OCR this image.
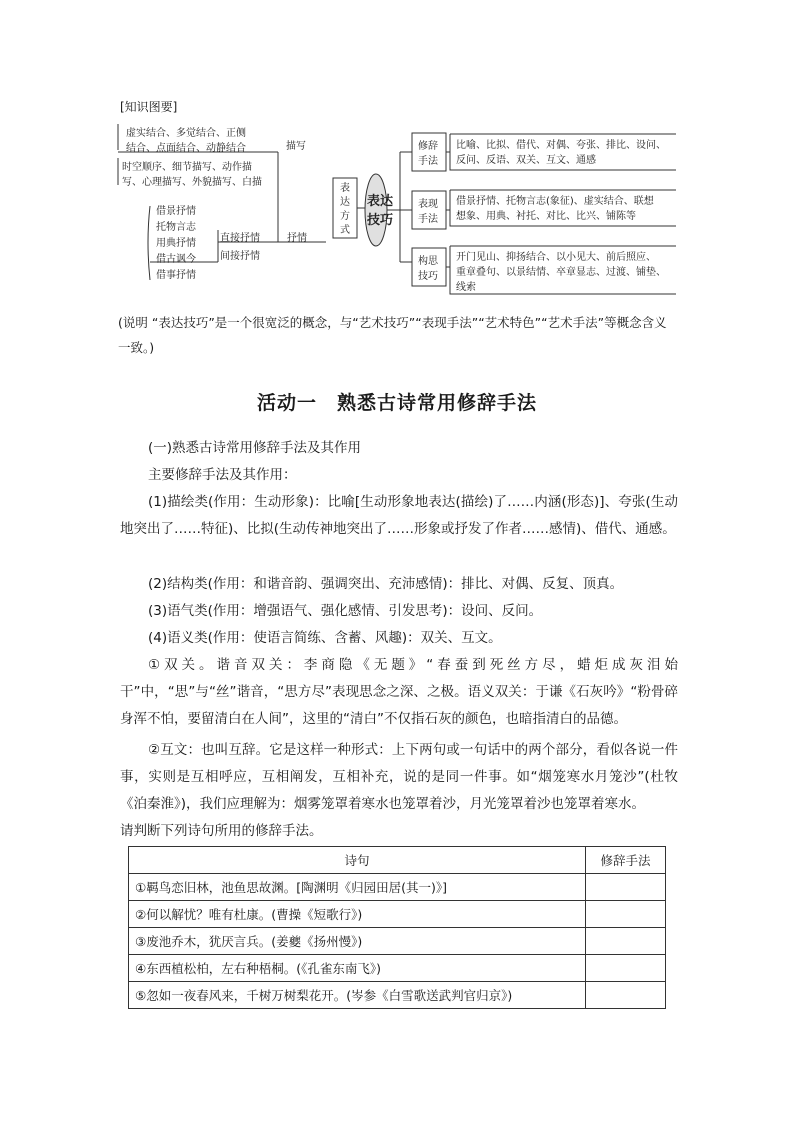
[知识图要]
虚实结合、多觉结合、正侧
结合、点面结合、动静结合
时空顺序、细节描写、动作描
写、心理描写、外貌描写、白描
描写
借景抒情
托物言志
用典抒情
借古讽今
借事抒情
直接抒情
间接抒情
抒情
表
达
方
式
表达
技巧
修辞
手法
表现
手法
构思
技巧
比喻、比拟、借代、对偶、夸张、排比、设问、
反问、反语、双关、互文、通感
借景抒情、托物言志(象征)、虚实结合、联想
想象、用典、衬托、对比、比兴、铺陈等
开门见山、抑扬结合、以小见大、前后照应、
重章叠句、以景结情、卒章显志、过渡、铺垫、
线索
(说明 “表达技巧”是一个很宽泛的概念，与“艺术技巧”“表现手法”“艺术特色”“艺术手法”等概念含义一致。)
活动一　熟悉古诗常用修辞手法
(一)熟悉古诗常用修辞手法及其作用
主要修辞手法及其作用：
(1)描绘类(作用：生动形象)：比喻[生动形象地表达(描绘)了……内涵(形态)]、夸张(生动地突出了……特征)、比拟(生动传神地突出了……形象或抒发了作者……感情)、借代、通感。
(2)结构类(作用：和谐音韵、强调突出、充沛感情)：排比、对偶、反复、顶真。
(3)语气类(作用：增强语气、强化感情、引发思考)：设问、反问。
(4)语义类(作用：使语言简练、含蓄、风趣)：双关、互文。
①双关。谐音双关：李商隐《无题》“春蚕到死丝方尽，蜡炬成灰泪始干”中，“思”与“丝”谐音，“思方尽”表现思念之深、之极。语义双关：于谦《石灰吟》“粉骨碎身浑不怕，要留清白在人间”，这里的“清白”不仅指石灰的颜色，也暗指清白的品德。
②互文：也叫互辞。它是这样一种形式：上下两句或一句话中的两个部分，看似各说一件事，实则是互相呼应，互相阐发，互相补充，说的是同一件事。如“烟笼寒水月笼沙”(杜牧《泊秦淮》)，我们应理解为：烟雾笼罩着寒水也笼罩着沙，月光笼罩着沙也笼罩着寒水。
请判断下列诗句所用的修辞手法。
诗句	修辞手法
①羁鸟恋旧林，池鱼思故渊。[陶渊明《归园田居(其一)》]	
②何以解忧？唯有杜康。(曹操《短歌行》)	
③废池乔木，犹厌言兵。(姜夔《扬州慢》)	
④东西植松柏，左右种梧桐。(《孔雀东南飞》)	
⑤忽如一夜春风来，千树万树梨花开。(岑参《白雪歌送武判官归京》)	
